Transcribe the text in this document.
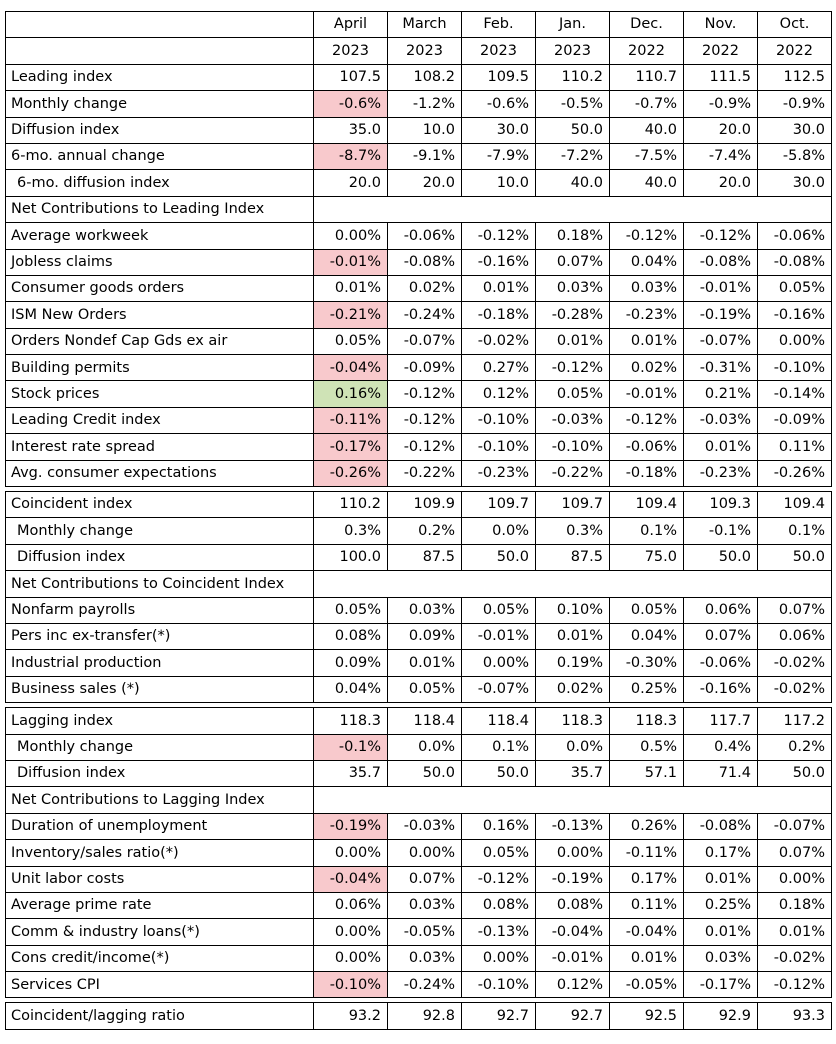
	April	March	Feb.	Jan.	Dec.	Nov.	Oct.
	2023	2023	2023	2023	2022	2022	2022
Leading index	107.5	108.2	109.5	110.2	110.7	111.5	112.5
Monthly change	-0.6%	-1.2%	-0.6%	-0.5%	-0.7%	-0.9%	-0.9%
Diffusion index	35.0	10.0	30.0	50.0	40.0	20.0	30.0
6-mo. annual change	-8.7%	-9.1%	-7.9%	-7.2%	-7.5%	-7.4%	-5.8%
6-mo. diffusion index	20.0	20.0	10.0	40.0	40.0	20.0	30.0
Net Contributions to Leading Index							
Average workweek	0.00%	-0.06%	-0.12%	0.18%	-0.12%	-0.12%	-0.06%
Jobless claims	-0.01%	-0.08%	-0.16%	0.07%	0.04%	-0.08%	-0.08%
Consumer goods orders	0.01%	0.02%	0.01%	0.03%	0.03%	-0.01%	0.05%
ISM New Orders	-0.21%	-0.24%	-0.18%	-0.28%	-0.23%	-0.19%	-0.16%
Orders Nondef Cap Gds ex air	0.05%	-0.07%	-0.02%	0.01%	0.01%	-0.07%	0.00%
Building permits	-0.04%	-0.09%	0.27%	-0.12%	0.02%	-0.31%	-0.10%
Stock prices	0.16%	-0.12%	0.12%	0.05%	-0.01%	0.21%	-0.14%
Leading Credit index	-0.11%	-0.12%	-0.10%	-0.03%	-0.12%	-0.03%	-0.09%
Interest rate spread	-0.17%	-0.12%	-0.10%	-0.10%	-0.06%	0.01%	0.11%
Avg. consumer expectations	-0.26%	-0.22%	-0.23%	-0.22%	-0.18%	-0.23%	-0.26%

Coincident index	110.2	109.9	109.7	109.7	109.4	109.3	109.4
Monthly change	0.3%	0.2%	0.0%	0.3%	0.1%	-0.1%	0.1%
Diffusion index	100.0	87.5	50.0	87.5	75.0	50.0	50.0
Net Contributions to Coincident Index							
Nonfarm payrolls	0.05%	0.03%	0.05%	0.10%	0.05%	0.06%	0.07%
Pers inc ex-transfer(*)	0.08%	0.09%	-0.01%	0.01%	0.04%	0.07%	0.06%
Industrial production	0.09%	0.01%	0.00%	0.19%	-0.30%	-0.06%	-0.02%
Business sales (*)	0.04%	0.05%	-0.07%	0.02%	0.25%	-0.16%	-0.02%

Lagging index	118.3	118.4	118.4	118.3	118.3	117.7	117.2
Monthly change	-0.1%	0.0%	0.1%	0.0%	0.5%	0.4%	0.2%
Diffusion index	35.7	50.0	50.0	35.7	57.1	71.4	50.0
Net Contributions to Lagging Index							
Duration of unemployment	-0.19%	-0.03%	0.16%	-0.13%	0.26%	-0.08%	-0.07%
Inventory/sales ratio(*)	0.00%	0.00%	0.05%	0.00%	-0.11%	0.17%	0.07%
Unit labor costs	-0.04%	0.07%	-0.12%	-0.19%	0.17%	0.01%	0.00%
Average prime rate	0.06%	0.03%	0.08%	0.08%	0.11%	0.25%	0.18%
Comm & industry loans(*)	0.00%	-0.05%	-0.13%	-0.04%	-0.04%	0.01%	0.01%
Cons credit/income(*)	0.00%	0.03%	0.00%	-0.01%	0.01%	0.03%	-0.02%
Services CPI	-0.10%	-0.24%	-0.10%	0.12%	-0.05%	-0.17%	-0.12%

Coincident/lagging ratio	93.2	92.8	92.7	92.7	92.5	92.9	93.3
